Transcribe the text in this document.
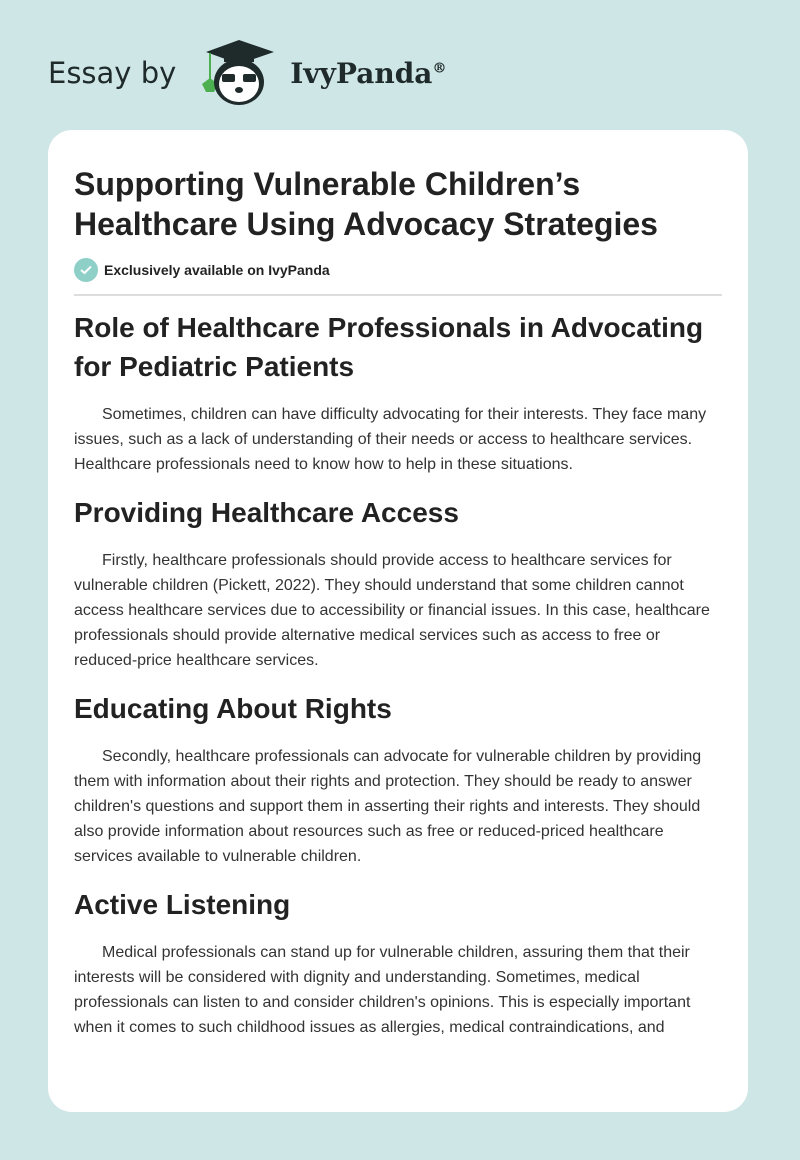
Essay by	IvyPanda®
Supporting Vulnerable Children’s Healthcare Using Advocacy Strategies
Exclusively available on IvyPanda
Role of Healthcare Professionals in Advocating for Pediatric Patients

Sometimes, children can have difficulty advocating for their interests. They face many issues, such as a lack of understanding of their needs or access to healthcare services. Healthcare professionals need to know how to help in these situations.

Providing Healthcare Access

Firstly, healthcare professionals should provide access to healthcare services for vulnerable children (Pickett, 2022). They should understand that some children cannot access healthcare services due to accessibility or financial issues. In this case, healthcare professionals should provide alternative medical services such as access to free or reduced-price healthcare services.

Educating About Rights

Secondly, healthcare professionals can advocate for vulnerable children by providing them with information about their rights and protection. They should be ready to answer children's questions and support them in asserting their rights and interests. They should also provide information about resources such as free or reduced-priced healthcare services available to vulnerable children.

Active Listening

Medical professionals can stand up for vulnerable children, assuring them that their interests will be considered with dignity and understanding. Sometimes, medical professionals can listen to and consider children's opinions. This is especially important when it comes to such childhood issues as allergies, medical contraindications, and
